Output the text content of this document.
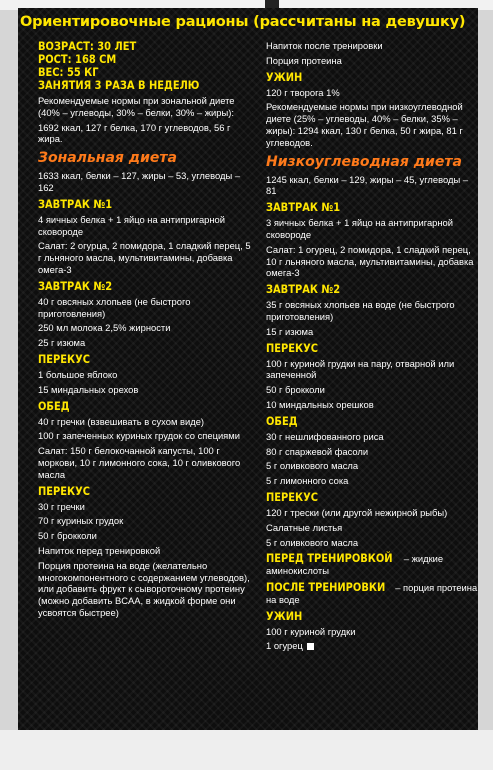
Ориентировочные рационы (рассчитаны на девушку)
ВОЗРАСТ: 30 ЛЕТ
РОСТ: 168 СМ
ВЕС: 55 КГ
ЗАНЯТИЯ 3 РАЗА В НЕДЕЛЮ
Рекомендуемые нормы при зональной диете (40% – углеводы, 30% – белки, 30% – жиры):
1692 ккал, 127 г белка, 170 г углеводов, 56 г жира.
Зональная диета
1633 ккал, белки – 127, жиры – 53, углеводы – 162
ЗАВТРАК №1
4 яичных белка + 1 яйцо на антипригарной сковороде
Салат: 2 огурца, 2 помидора, 1 сладкий перец, 5 г льняного масла, мультивитамины, добавка омега-3
ЗАВТРАК №2
40 г овсяных хлопьев (не быстрого приготовления)
250 мл молока 2,5% жирности
25 г изюма
ПЕРЕКУС
1 большое яблоко
15 миндальных орехов
ОБЕД
40 г гречки (взвешивать в сухом виде)
100 г запеченных куриных грудок со специями
Салат: 150 г белокочанной капусты, 100 г моркови, 10 г лимонного сока, 10 г оливкового масла
ПЕРЕКУС
30 г гречки
70 г куриных грудок
50 г брокколи
Напиток перед тренировкой
Порция протеина на воде (желательно многокомпонентного с содержанием углеводов), или добавить фрукт к сывороточному протеину (можно добавить BCAA, в жидкой форме они усвоятся быстрее)
Напиток после тренировки
Порция протеина
УЖИН
120 г творога 1%
Рекомендуемые нормы при низкоуглеводной диете (25% – углеводы, 40% – белки, 35% – жиры): 1294 ккал, 130 г белка, 50 г жира, 81 г углеводов.
Низкоуглеводная диета
1245 ккал, белки – 129, жиры – 45, углеводы – 81
ЗАВТРАК №1
3 яичных белка + 1 яйцо на антипригарной сковороде
Салат: 1 огурец, 2 помидора, 1 сладкий перец, 10 г льняного масла, мультивитамины, добавка омега-3
ЗАВТРАК №2
35 г овсяных хлопьев на воде (не быстрого приготовления)
15 г изюма
ПЕРЕКУС
100 г куриной грудки на пару, отварной или запеченной
50 г брокколи
10 миндальных орешков
ОБЕД
30 г нешлифованного риса
80 г спаржевой фасоли
5 г оливкового масла
5 г лимонного сока
ПЕРЕКУС
120 г трески (или другой нежирной рыбы)
Салатные листья
5 г оливкового масла
ПЕРЕД ТРЕНИРОВКОЙ – жидкие аминокислоты
ПОСЛЕ ТРЕНИРОВКИ – порция протеина на воде
УЖИН
100 г куриной грудки
1 огурец
